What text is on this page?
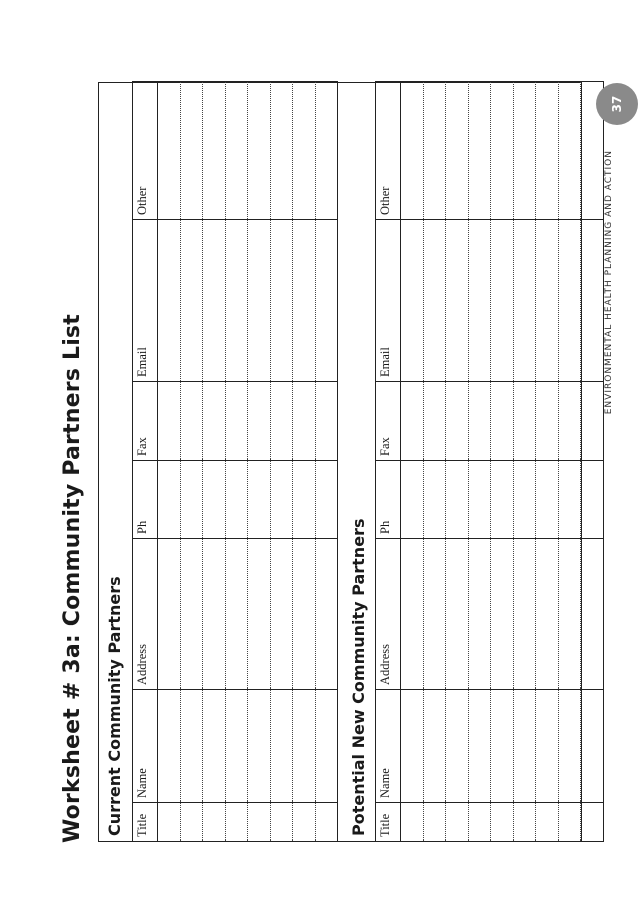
Worksheet # 3a: Community Partners List Current Community Partners Title	Name	Address	Ph	Fax	Email	Other

Potential New Community Partners Title	Name	Address	Ph	Fax	Email	Other

							ENVIRONMENTAL HEALTH PLANNING AND ACTION
37
